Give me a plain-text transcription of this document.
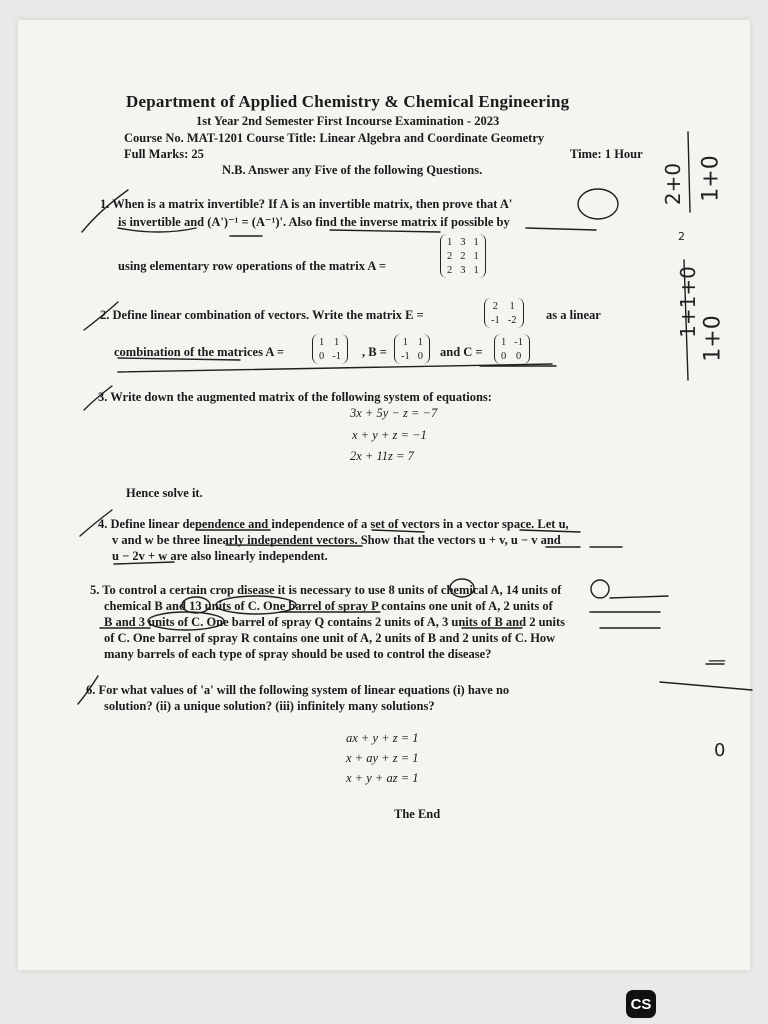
Department of Applied Chemistry & Chemical Engineering
1st Year 2nd Semester First Incourse Examination - 2023
Course No. MAT-1201 Course Title: Linear Algebra and Coordinate Geometry
Full Marks: 25	Time: 1 Hour
N.B. Answer any Five of the following Questions.
1. When is a matrix invertible? If A is an invertible matrix, then prove that A'
is invertible and (A')⁻¹ = (A⁻¹)'. Also find the inverse matrix if possible by
using elementary row operations of the matrix A =
1	3	1
2	2	1
2	3	1
2. Define linear combination of vectors. Write the matrix E =
2	1
-1	-2 as a linear
combination of the matrices A =
1	1
0	-1 , B =
1	1
-1	0 and C =
1	-1
0	0
3. Write down the augmented matrix of the following system of equations:
3x + 5y − z = −7
x + y + z = −1
2x + 11z = 7
Hence solve it.
4. Define linear dependence and independence of a set of vectors in a vector space. Let u,
v and w be three linearly independent vectors. Show that the vectors u + v, u − v and
u − 2v + w are also linearly independent.
5. To control a certain crop disease it is necessary to use 8 units of chemical A, 14 units of
chemical B and 13 units of C. One barrel of spray P contains one unit of A, 2 units of
B and 3 units of C. One barrel of spray Q contains 2 units of A, 3 units of B and 2 units
of C. One barrel of spray R contains one unit of A, 2 units of B and 2 units of C. How
many barrels of each type of spray should be used to control the disease?
6. For what values of 'a' will the following system of linear equations (i) have no
solution? (ii) a unique solution? (iii) infinitely many solutions?
ax + y + z = 1
x + ay + z = 1
x + y + az = 1
The End
2+0 1+0
1+1+0
1+0
2
0
—
CS
